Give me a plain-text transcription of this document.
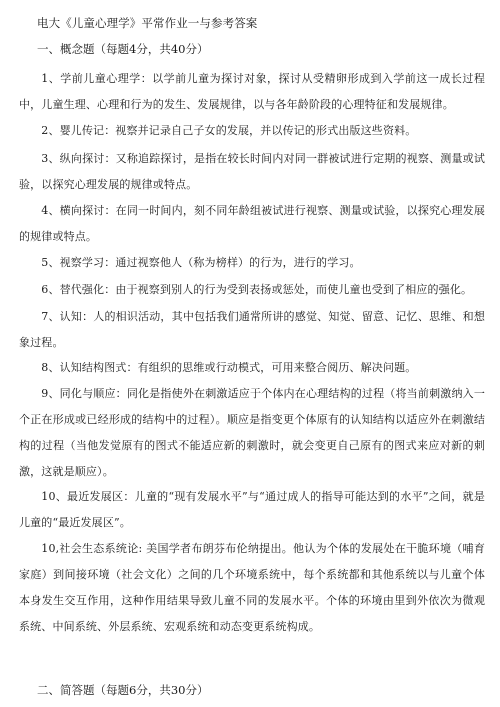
电大《儿童心理学》平常作业一与参考答案
一、概念题（每题4分，共40分）

  1、学前儿童心理学：以学前儿童为探讨对象，探讨从受精卵形成到入学前这一成长过程中，儿童生理、心理和行为的发生、发展规律，以与各年龄阶段的心理特征和发展规律。

  2、婴儿传记：视察并记录自己子女的发展，并以传记的形式出版这些资料。

  3、纵向探讨：又称追踪探讨，是指在较长时间内对同一群被试进行定期的视察、测量或试验，以探究心理发展的规律或特点。

  4、横向探讨：在同一时间内，刻不同年龄组被试进行视察、测量或试验，以探究心理发展的规律或特点。

  5、视察学习：通过视察他人（称为榜样）的行为，进行的学习。

  6、替代强化：由于视察到别人的行为受到表扬或惩处，而使儿童也受到了相应的强化。

  7、认知：人的相识活动，其中包括我们通常所讲的感觉、知觉、留意、记忆、思维、和想象过程。

  8、认知结构图式：有组织的思维或行动模式，可用来整合阅历、解决问题。

  9、同化与顺应：同化是指使外在刺激适应于个体内在心理结构的过程（将当前刺激纳入一个正在形成或已经形成的结构中的过程）。顺应是指变更个体原有的认知结构以适应外在刺激结构的过程（当他发觉原有的图式不能适应新的刺激时，就会变更自己原有的图式来应对新的刺激，这就是顺应）。

  10、最近发展区：儿童的“现有发展水平”与“通过成人的指导可能达到的水平”之间，就是儿童的“最近发展区”。

  10,社会生态系统论: 美国学者布朗芬布伦纳提出。他认为个体的发展处在干脆环境（哺育家庭）到间接环境（社会文化）之间的几个环境系统中，每个系统都和其他系统以与儿童个体本身发生交互作用，这种作用结果导致儿童不同的发展水平。个体的环境由里到外依次为微观系统、中间系统、外层系统、宏观系统和动态变更系统构成。

二、简答题（每题6分，共30分）
